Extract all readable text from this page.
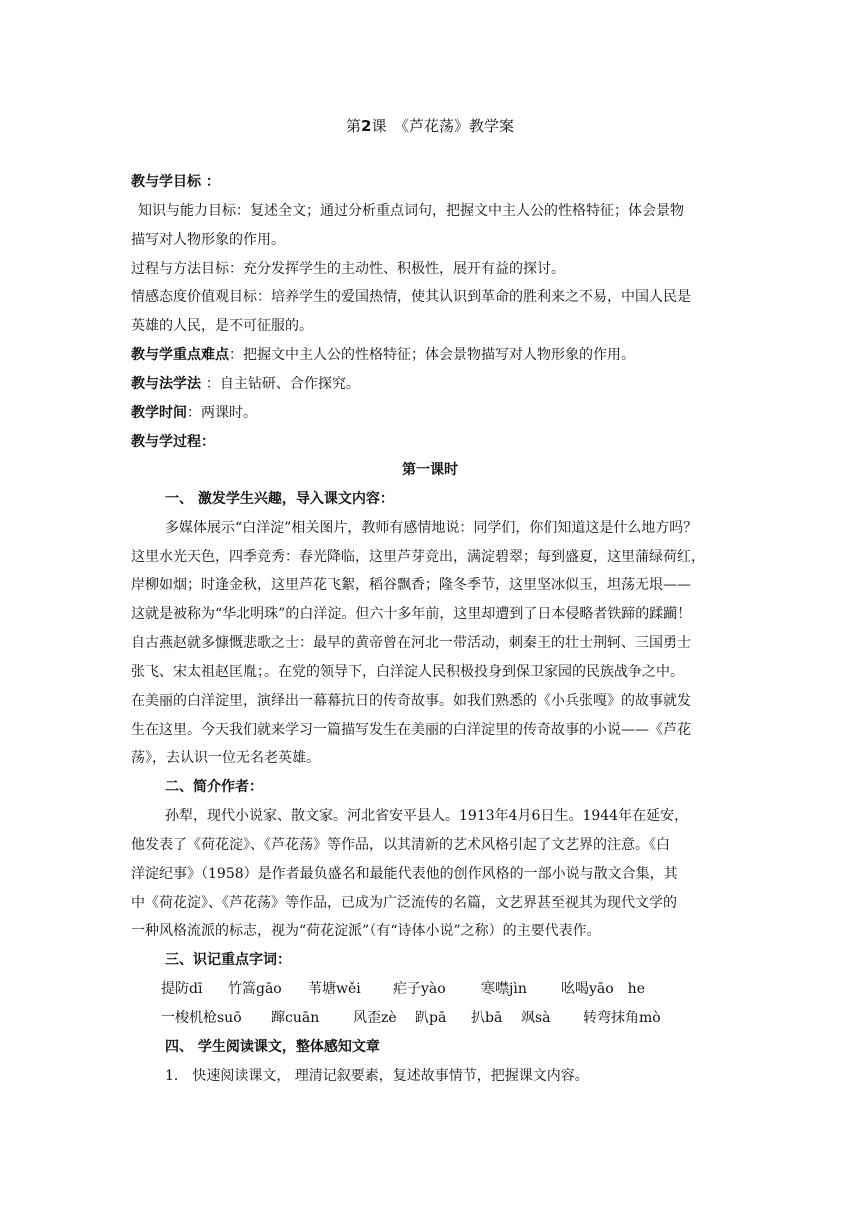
第2课　《芦花荡》教学案
教与学目标 ：
知识与能力目标：复述全文；通过分析重点词句，把握文中主人公的性格特征；体会景物
描写对人物形象的作用。
过程与方法目标：充分发挥学生的主动性、积极性，展开有益的探讨。
情感态度价值观目标：培养学生的爱国热情，使其认识到革命的胜利来之不易，中国人民是
英雄的人民，是不可征服的。
教与学重点难点：把握文中主人公的性格特征；体会景物描写对人物形象的作用。
教与法学法 ：自主钻研、合作探究。
教学时间：两课时。
教与学过程：
第一课时
一、 激发学生兴趣，导入课文内容：
多媒体展示“白洋淀”相关图片，教师有感情地说：同学们，你们知道这是什么地方吗？
这里水光天色，四季竞秀：春光降临，这里芦芽竞出，满淀碧翠；每到盛夏，这里蒲绿荷红，
岸柳如烟；时逢金秋，这里芦花飞絮，稻谷飘香；隆冬季节，这里坚冰似玉，坦荡无垠——
这就是被称为“华北明珠”的白洋淀。但六十多年前，这里却遭到了日本侵略者铁蹄的蹂躏！
自古燕赵就多慷慨悲歌之士：最早的黄帝曾在河北一带活动，刺秦王的壮士荆轲、三国勇士
张飞、宋太祖赵匡胤；。在党的领导下，白洋淀人民积极投身到保卫家园的民族战争之中。
在美丽的白洋淀里，演绎出一幕幕抗日的传奇故事。如我们熟悉的《小兵张嘎》的故事就发
生在这里。今天我们就来学习一篇描写发生在美丽的白洋淀里的传奇故事的小说——《芦花
荡》，去认识一位无名老英雄。
二、简介作者：
孙犁，现代小说家、散文家。河北省安平县人。1913年4月6日生。1944年在延安，
他发表了《荷花淀》、《芦花荡》等作品，以其清新的艺术风格引起了文艺界的注意。《白
洋淀纪事》（1958）是作者最负盛名和最能代表他的创作风格的一部小说与散文合集，其
中《荷花淀》、《芦花荡》等作品，已成为广泛流传的名篇，文艺界甚至视其为现代文学的
一种风格流派的标志，视为“荷花淀派”（有“诗体小说”之称）的主要代表作。
三、识记重点字词：
提防dī 竹篙gāo 苇塘wěi 疟子yào	寒噤jìn 吆喝yāo　he
一梭机枪suō 蹿cuān 风歪zè 趴pā 扒bā 飒sà 转弯抹角mò
四、 学生阅读课文，整体感知文章
1． 快速阅读课文， 理清记叙要素，复述故事情节，把握课文内容。
